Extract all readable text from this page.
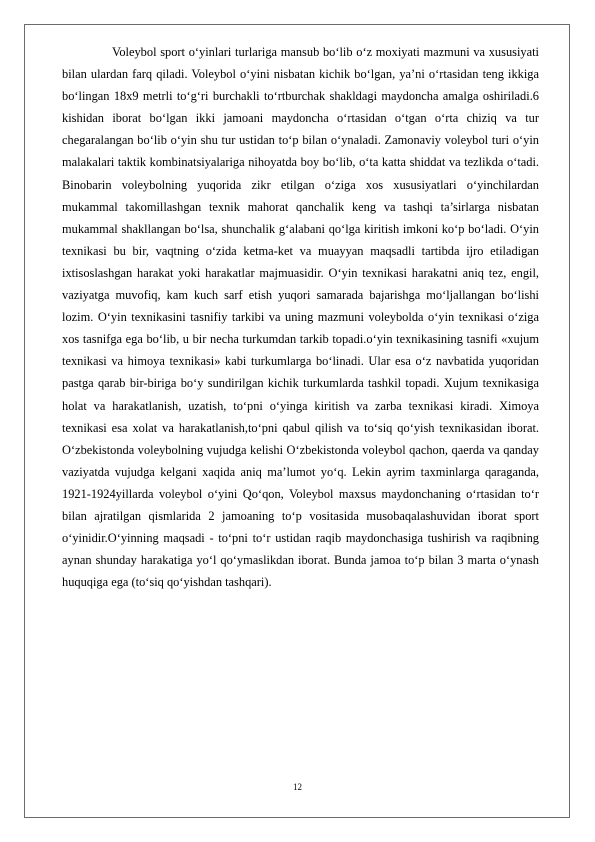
Voleybol sport o‘yinlari turlariga mansub bo‘lib o‘z moxiyati mazmuni va xususiyati bilan ulardan farq qiladi. Voleybol o‘yini nisbatan kichik bo‘lgan, ya’ni o‘rtasidan teng ikkiga bo‘lingan 18x9 metrli to‘g‘ri burchakli to‘rtburchak shakldagi maydoncha amalga oshiriladi.6 kishidan iborat bo‘lgan ikki jamoani maydoncha o‘rtasidan o‘tgan o‘rta chiziq va tur chegaralangan bo‘lib o‘yin shu tur ustidan to‘p bilan o‘ynaladi. Zamonaviy voleybol turi o‘yin malakalari taktik kombinatsiyalariga nihoyatda boy bo‘lib, o‘ta katta shiddat va tezlikda o‘tadi. Binobarin voleybolning yuqorida zikr etilgan o‘ziga xos xususiyatlari o‘yinchilardan mukammal takomillashgan texnik mahorat qanchalik keng va tashqi ta’sirlarga nisbatan mukammal shakllangan bo‘lsa, shunchalik g‘alabani qo‘lga kiritish imkoni ko‘p bo‘ladi. O‘yin texnikasi bu bir, vaqtning o‘zida ketma-ket va muayyan maqsadli tartibda ijro etiladigan ixtisoslashgan harakat yoki harakatlar majmuasidir. O‘yin texnikasi harakatni aniq tez, engil, vaziyatga muvofiq, kam kuch sarf etish yuqori samarada bajarishga mo‘ljallangan bo‘lishi lozim. O‘yin texnikasini tasnifiy tarkibi va uning mazmuni voleybolda o‘yin texnikasi o‘ziga xos tasnifga ega bo‘lib, u bir necha turkumdan tarkib topadi.o‘yin texnikasining tasnifi «xujum texnikasi va himoya texnikasi» kabi turkumlarga bo‘linadi. Ular esa o‘z navbatida yuqoridan pastga qarab bir-biriga bo‘y sundirilgan kichik turkumlarda tashkil topadi. Xujum texnikasiga holat va harakatlanish, uzatish, to‘pni o‘yinga kiritish va zarba texnikasi kiradi. Ximoya texnikasi esa xolat va harakatlanish,to‘pni qabul qilish va to‘siq qo‘yish texnikasidan iborat. O‘zbekistonda voleybolning vujudga kelishi O‘zbekistonda voleybol qachon, qaerda va qanday vaziyatda vujudga kelgani xaqida aniq ma’lumot yo‘q. Lekin ayrim taxminlarga qaraganda, 1921-1924yillarda voleybol o‘yini Qo‘qon, Voleybol maxsus maydonchaning o‘rtasidan to‘r bilan ajratilgan qismlarida 2 jamoaning to‘p vositasida musobaqalashuvidan iborat sport o‘yinidir.O‘yinning maqsadi - to‘pni to‘r ustidan raqib maydonchasiga tushirish va raqibning aynan shunday harakatiga yo‘l qo‘ymaslikdan iborat. Bunda jamoa to‘p bilan 3 marta o‘ynash huquqiga ega (to‘siq qo‘yishdan tashqari).

12
